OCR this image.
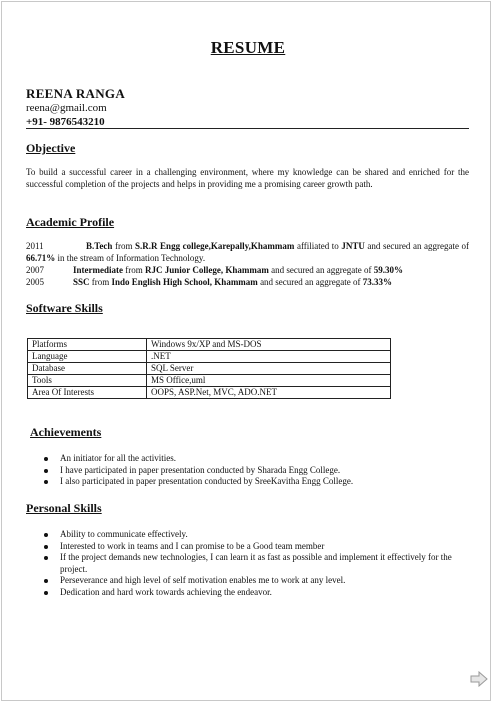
RESUME
REENA RANGA
reena@gmail.com
+91- 9876543210
Objective
To build a successful career in a challenging environment, where my knowledge can be shared and enriched for the successful completion of the projects and helps in providing me a promising career growth path.
Academic Profile
2011	B.Tech from S.R.R Engg college,Karepally,Khammam affiliated to JNTU and secured an aggregate of 66.71% in the stream of Information Technology.
2007	Intermediate from RJC Junior College, Khammam and secured an aggregate of 59.30%
2005	SSC from Indo English High School, Khammam and secured an aggregate of 73.33%
Software Skills
Platforms	Windows 9x/XP and MS-DOS
Language	.NET
Database	SQL Server
Tools	MS Office,uml
Area Of Interests	OOPS, ASP.Net, MVC, ADO.NET
Achievements
An initiator for all the activities.
I have participated in paper presentation conducted by Sharada Engg College.
I also participated in paper presentation conducted by SreeKavitha Engg College.
Personal Skills
Ability to communicate effectively.
Interested to work in teams and I can promise to be a Good team member
If the project demands new technologies, I can learn it as fast as possible and implement it effectively for the project.
Perseverance and high level of self motivation enables me to work at any level.
Dedication and hard work towards achieving the endeavor.
